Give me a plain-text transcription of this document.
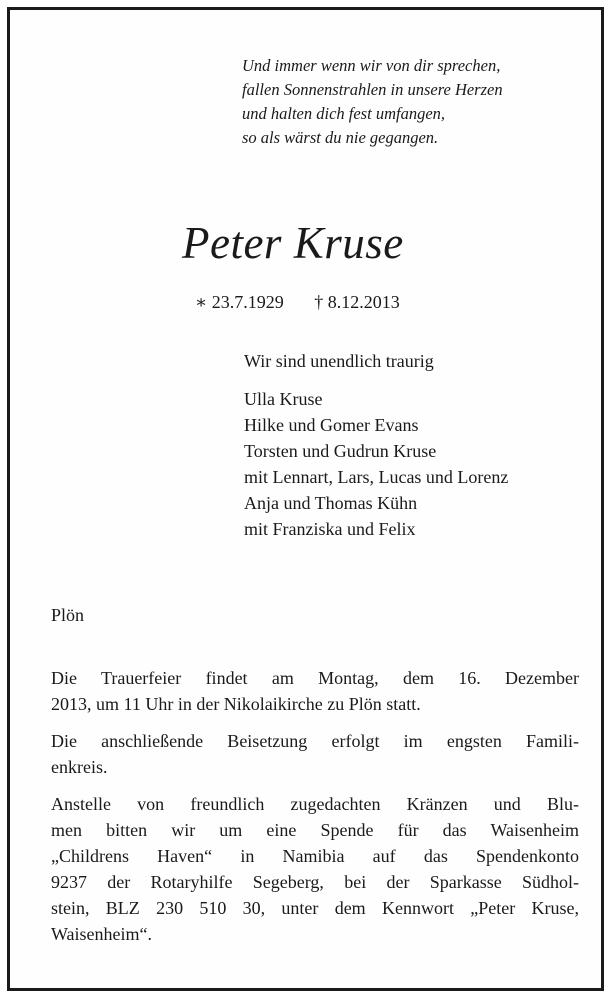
Und immer wenn wir von dir sprechen,
fallen Sonnenstrahlen in unsere Herzen
und halten dich fest umfangen,
so als wärst du nie gegangen.
Peter Kruse
∗ 23.7.1929 † 8.12.2013
Wir sind unendlich traurig
Ulla Kruse
Hilke und Gomer Evans
Torsten und Gudrun Kruse
mit Lennart, Lars, Lucas und Lorenz
Anja und Thomas Kühn
mit Franziska und Felix
Plön

Die Trauerfeier findet am Montag, dem 16. Dezember
2013, um 11 Uhr in der Nikolaikirche zu Plön statt.

Die anschließende Beisetzung erfolgt im engsten Famili-
enkreis.

Anstelle von freundlich zugedachten Kränzen und Blu-
men bitten wir um eine Spende für das Waisenheim
„Childrens Haven“ in Namibia auf das Spendenkonto
9237 der Rotaryhilfe Segeberg, bei der Sparkasse Südhol-
stein, BLZ 230 510 30, unter dem Kennwort „Peter Kruse,
Waisenheim“.
